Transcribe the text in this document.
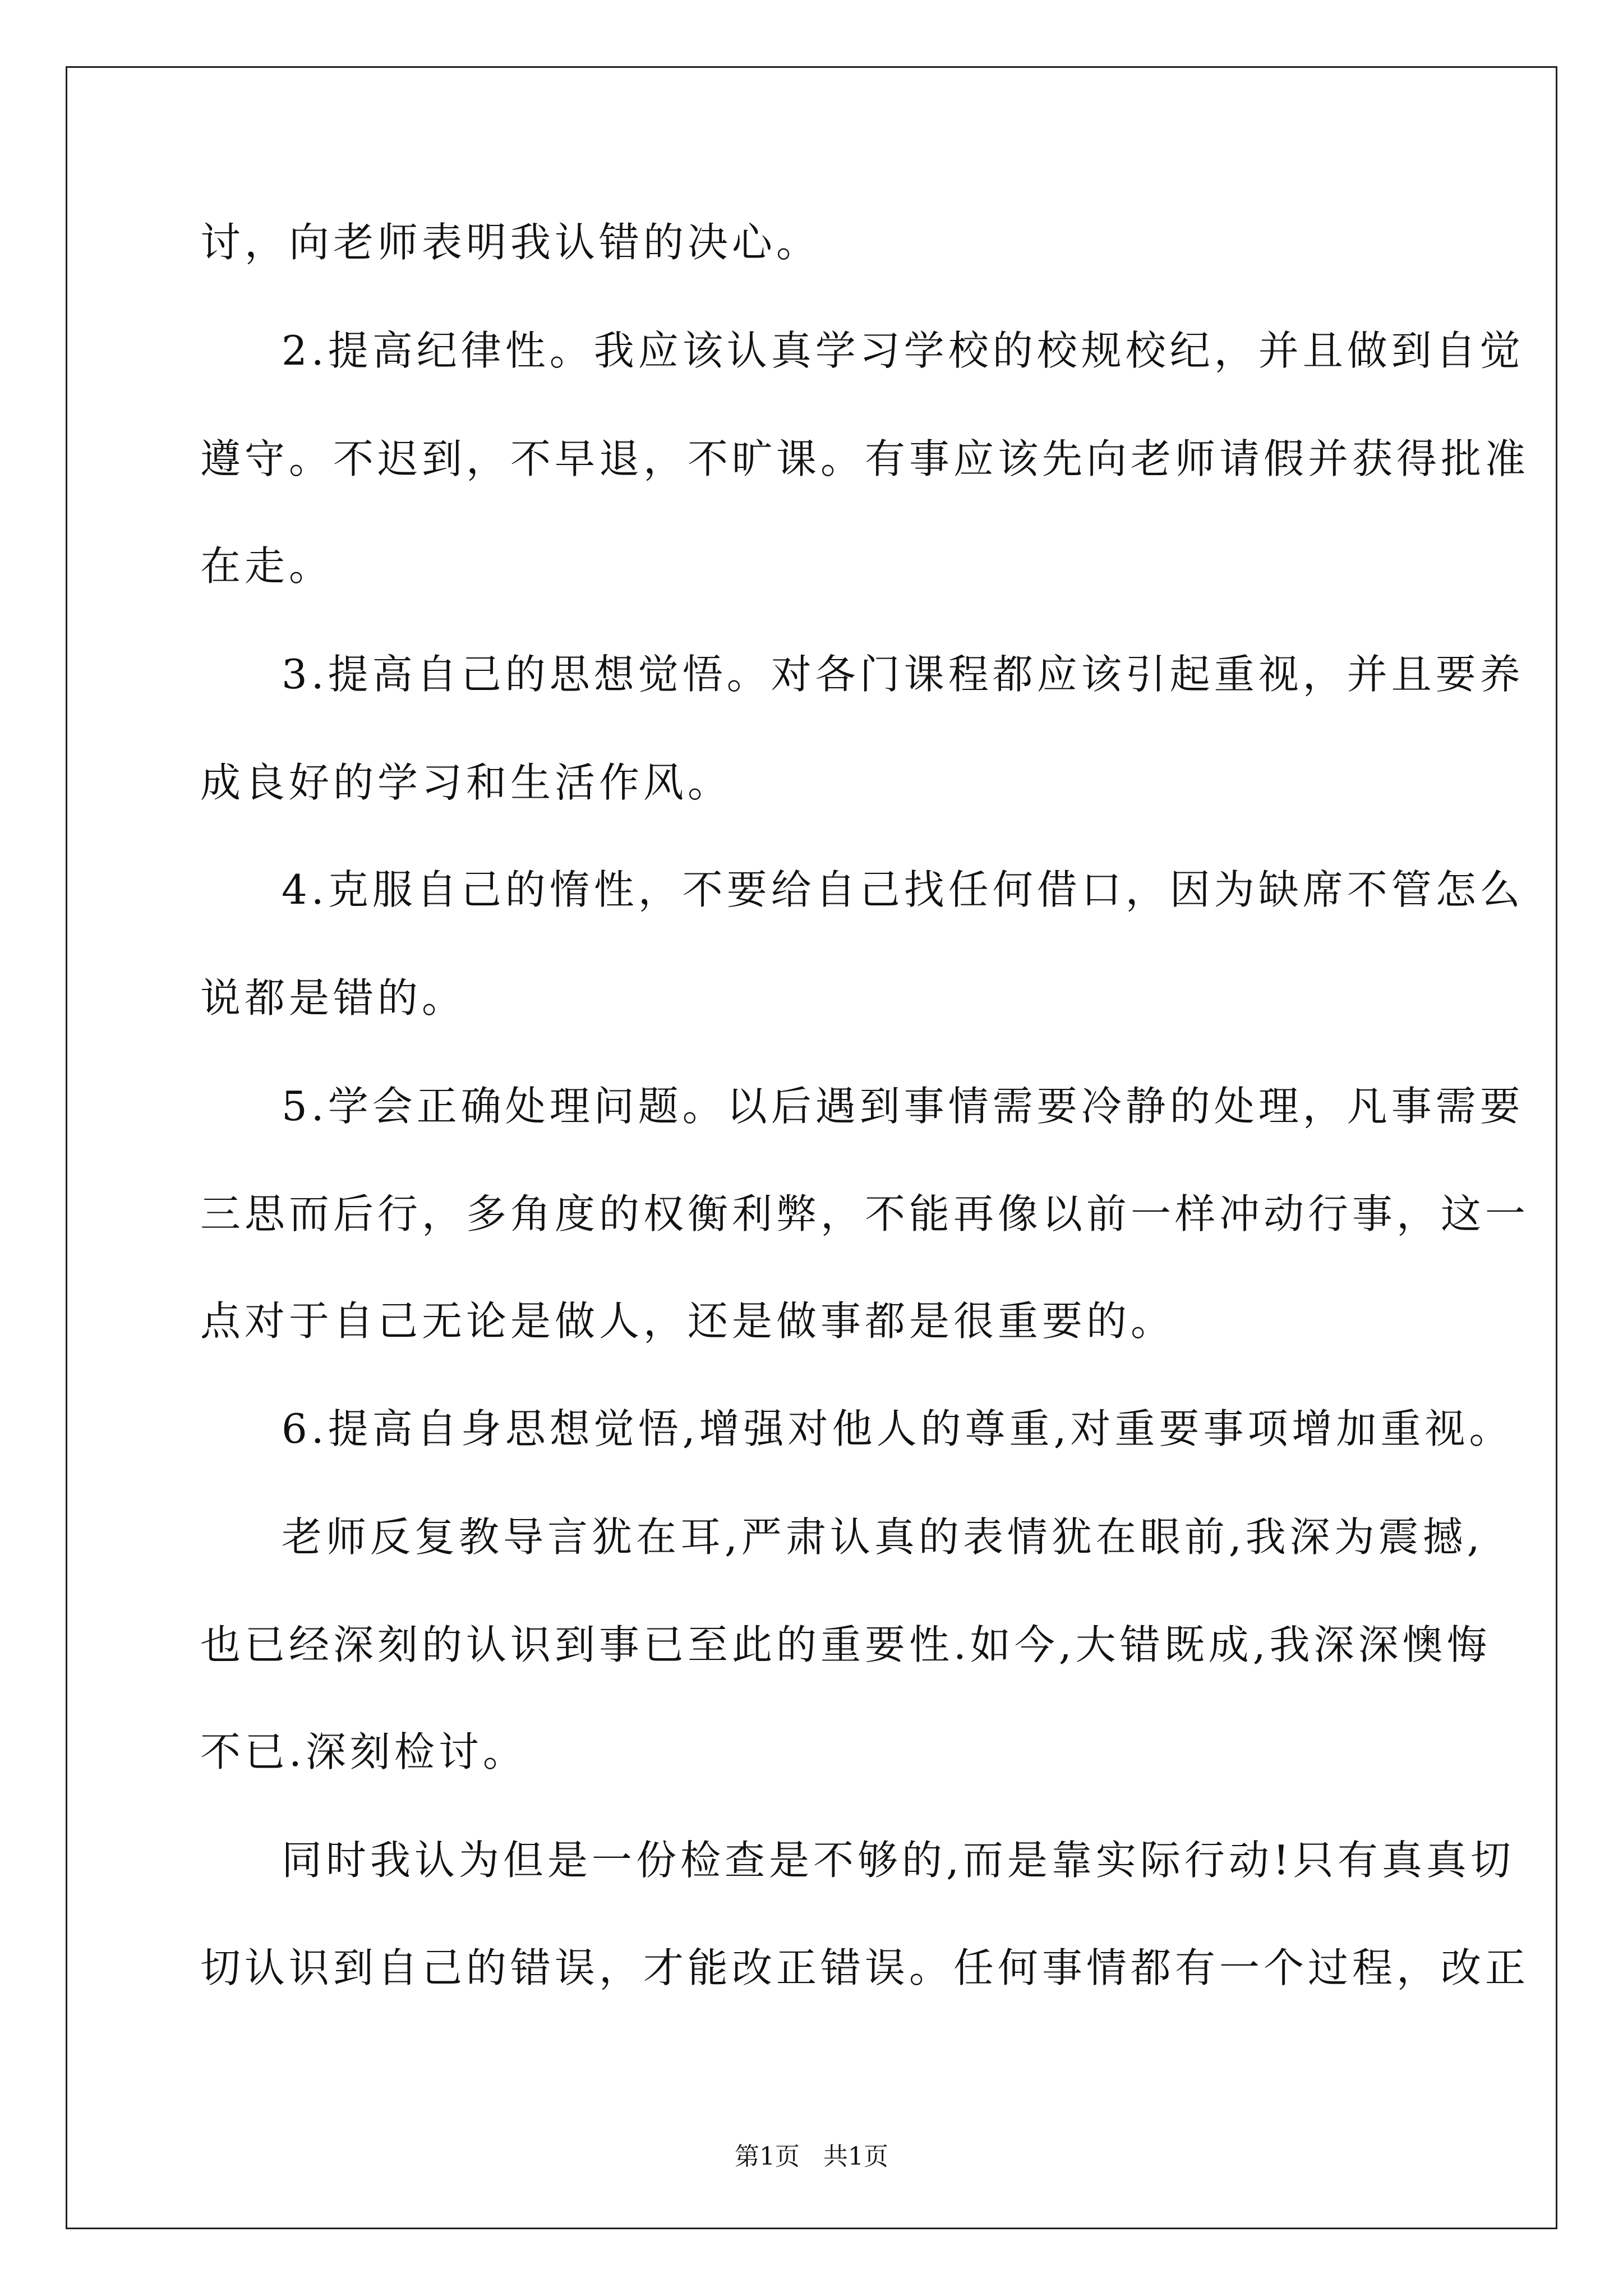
讨，向老师表明我认错的决心。
2.提高纪律性。我应该认真学习学校的校规校纪，并且做到自觉
遵守。不迟到，不早退，不旷课。有事应该先向老师请假并获得批准
在走。
3.提高自己的思想觉悟。对各门课程都应该引起重视，并且要养
成良好的学习和生活作风。
4.克服自己的惰性，不要给自己找任何借口，因为缺席不管怎么
说都是错的。
5.学会正确处理问题。以后遇到事情需要冷静的处理，凡事需要
三思而后行，多角度的权衡利弊，不能再像以前一样冲动行事，这一
点对于自己无论是做人，还是做事都是很重要的。
6.提高自身思想觉悟,增强对他人的尊重,对重要事项增加重视。
老师反复教导言犹在耳,严肃认真的表情犹在眼前,我深为震撼,
也已经深刻的认识到事已至此的重要性.如今,大错既成,我深深懊悔
不已.深刻检讨。
同时我认为但是一份检查是不够的,而是靠实际行动!只有真真切
切认识到自己的错误，才能改正错误。任何事情都有一个过程，改正
第1页   共1页
